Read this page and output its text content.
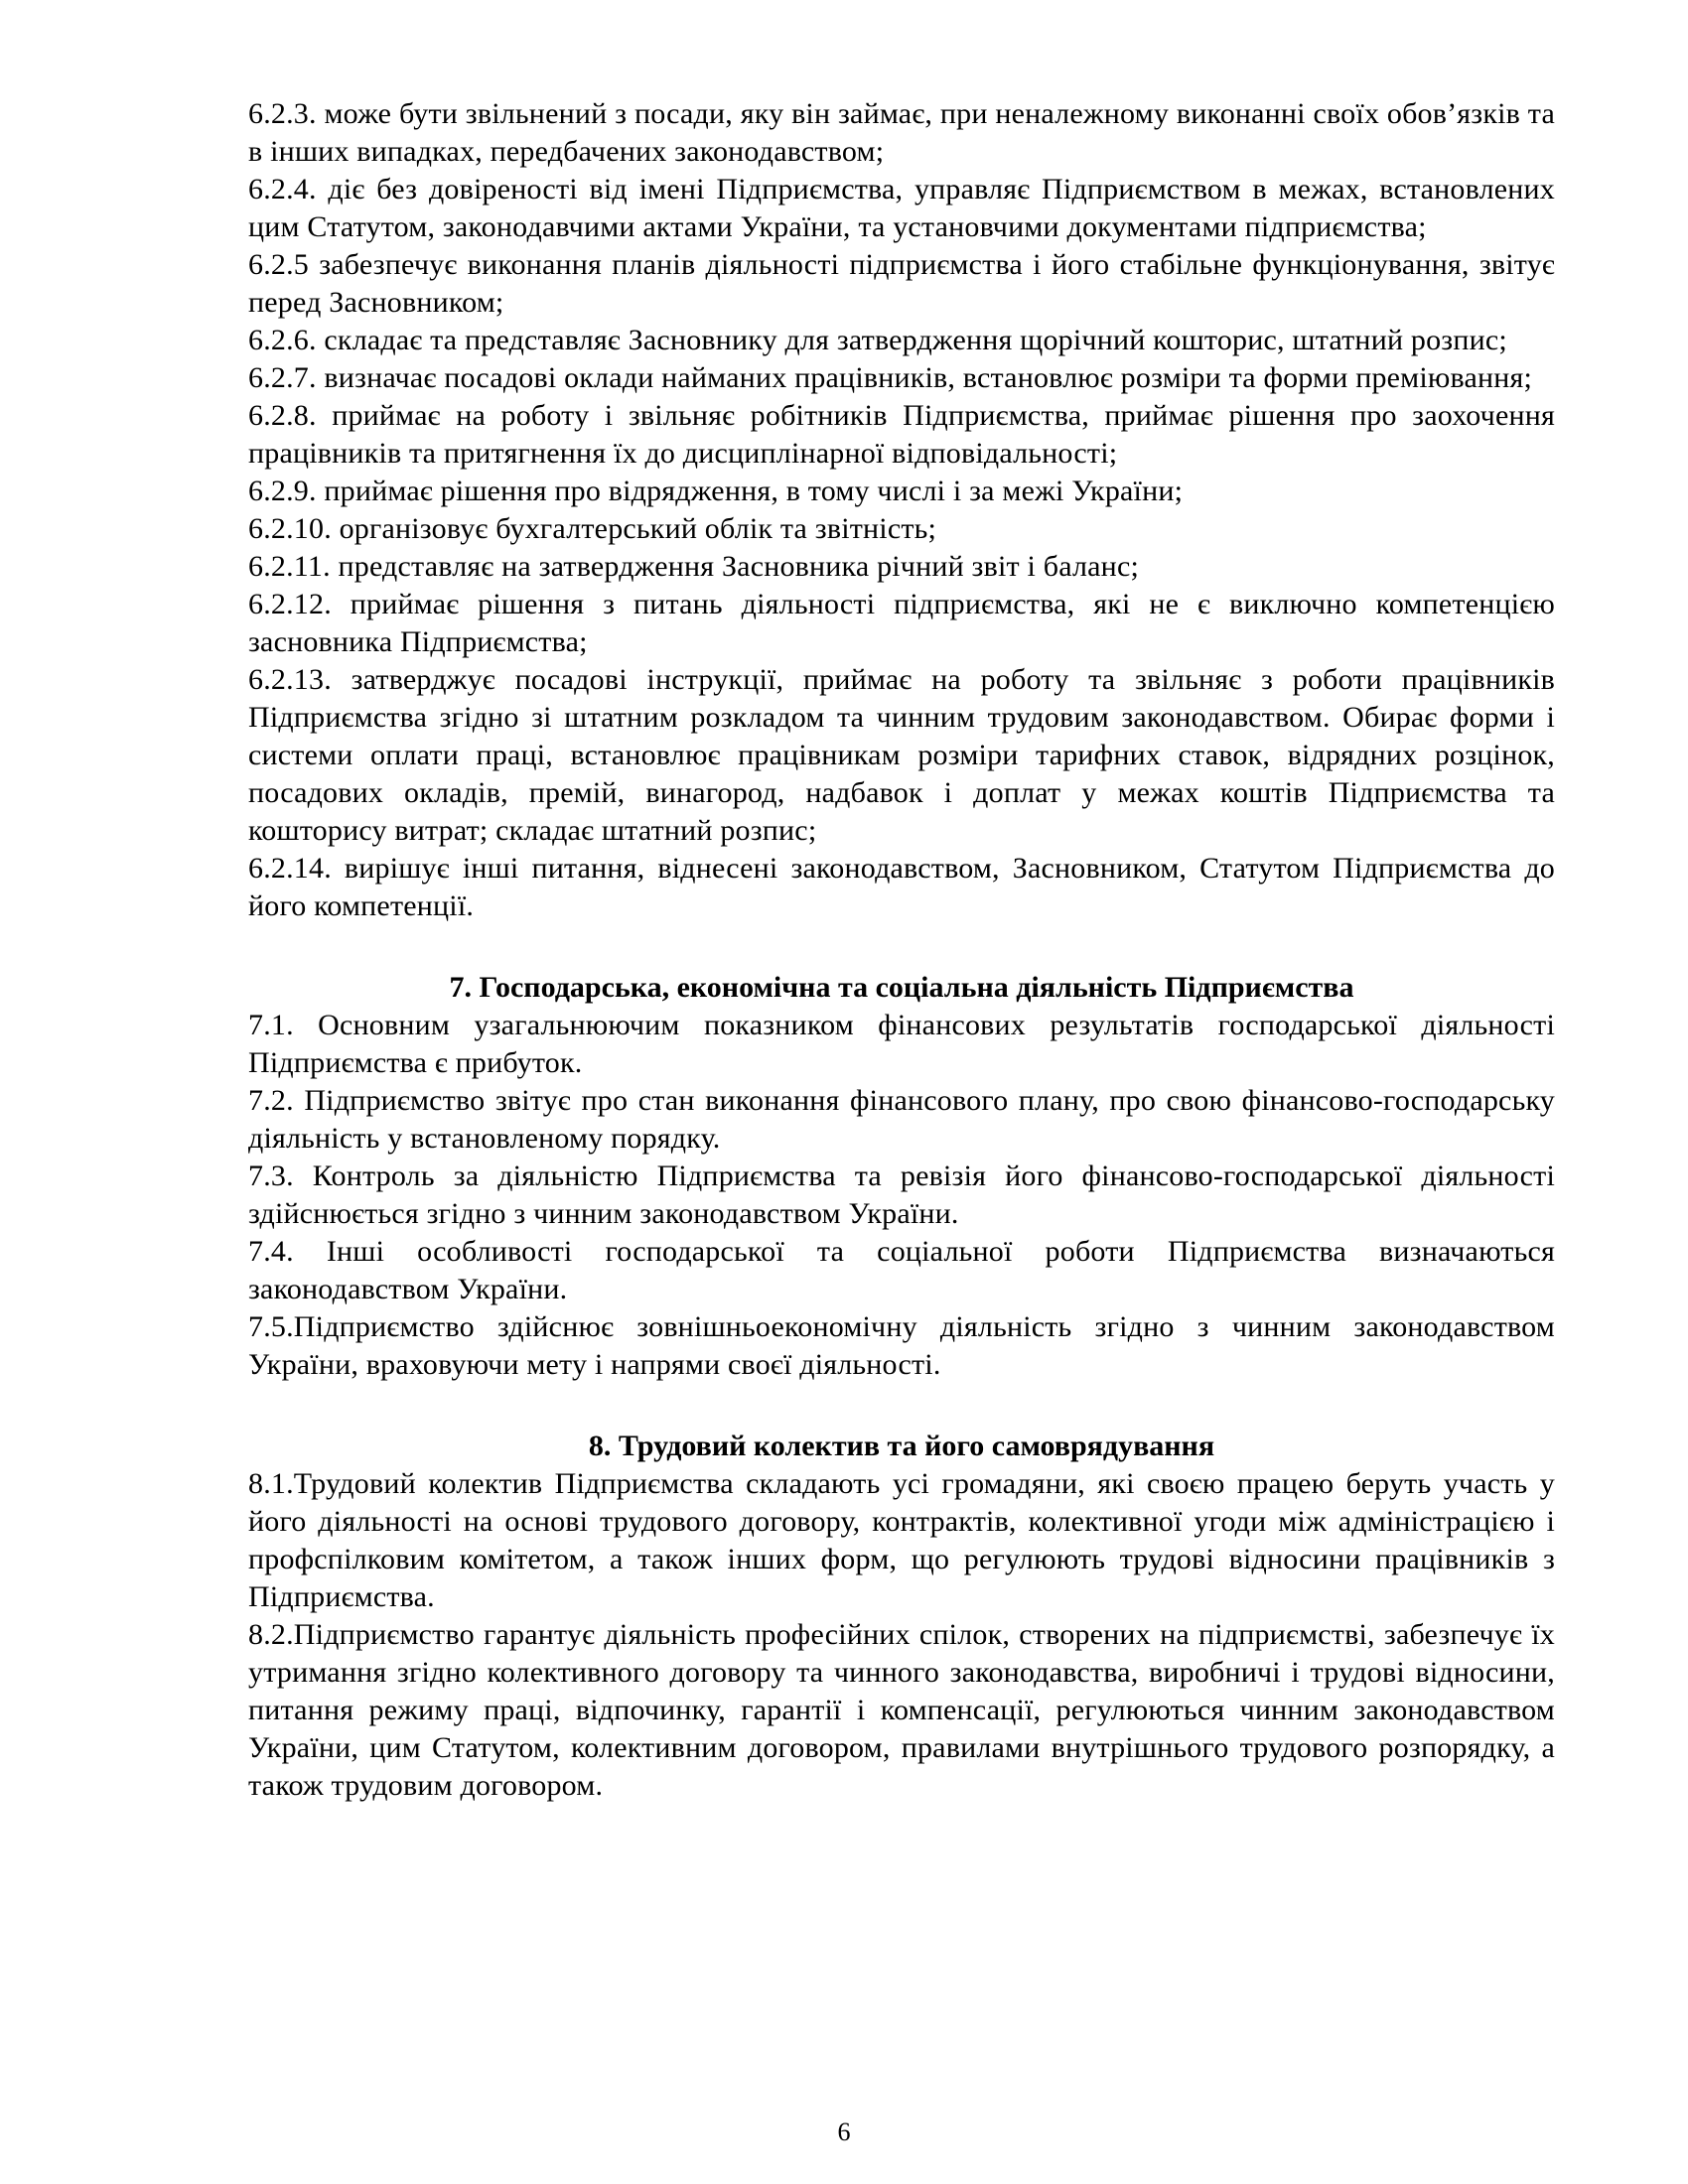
6.2.3. може бути звільнений з посади, яку він займає, при неналежному виконанні своїх обов’язків та в інших випадках, передбачених законодавством;

6.2.4. діє без довіреності від імені Підприємства, управляє Підприємством в межах, встановлених цим Статутом, законодавчими актами України, та установчими документами підприємства;

6.2.5 забезпечує виконання планів діяльності підприємства і його стабільне функціонування, звітує перед Засновником;

6.2.6. складає та представляє Засновнику для затвердження щорічний кошторис, штатний розпис;

6.2.7. визначає посадові оклади найманих працівників, встановлює розміри та форми преміювання;

6.2.8. приймає на роботу і звільняє робітників Підприємства, приймає рішення про заохочення працівників та притягнення їх до дисциплінарної відповідальності;

6.2.9. приймає рішення про відрядження, в тому числі і за межі України;

6.2.10. організовує бухгалтерський облік та звітність;

6.2.11. представляє на затвердження Засновника річний звіт і баланс;

6.2.12. приймає рішення з питань діяльності підприємства, які не є виключно компетенцією засновника Підприємства;

6.2.13. затверджує посадові інструкції, приймає на роботу та звільняє з роботи працівників Підприємства згідно зі штатним розкладом та чинним трудовим законодавством. Обирає форми і системи оплати праці, встановлює працівникам розміри тарифних ставок, відрядних розцінок, посадових окладів, премій, винагород, надбавок і доплат у межах коштів Підприємства та кошторису витрат; складає штатний розпис;

6.2.14. вирішує інші питання, віднесені законодавством, Засновником, Статутом Підприємства до його компетенції.

7. Господарська, економічна та соціальна діяльність Підприємства

7.1. Основним узагальнюючим показником фінансових результатів господарської діяльності Підприємства є прибуток.

7.2. Підприємство звітує про стан виконання фінансового плану, про свою фінансово-господарську діяльність у встановленому порядку.

7.3. Контроль за діяльністю Підприємства та ревізія його фінансово-господарської діяльності здійснюється згідно з чинним законодавством України.

7.4. Інші особливості господарської та соціальної роботи Підприємства визначаються законодавством України.

7.5.Підприємство здійснює зовнішньоекономічну діяльність згідно з чинним законодавством України, враховуючи мету і напрями своєї діяльності.

8. Трудовий колектив та його самоврядування

8.1.Трудовий колектив Підприємства складають усі громадяни, які своєю працею беруть участь у його діяльності на основі трудового договору, контрактів, колективної угоди між адміністрацією і профспілковим комітетом, а також інших форм, що регулюють трудові відносини працівників з Підприємства.

8.2.Підприємство гарантує діяльність професійних спілок, створених на підприємстві, забезпечує їх утримання згідно колективного договору та чинного законодавства, виробничі і трудові відносини, питання режиму праці, відпочинку, гарантії і компенсації, регулюються чинним законодавством України, цим Статутом, колективним договором, правилами внутрішнього трудового розпорядку, а також трудовим договором.

6
